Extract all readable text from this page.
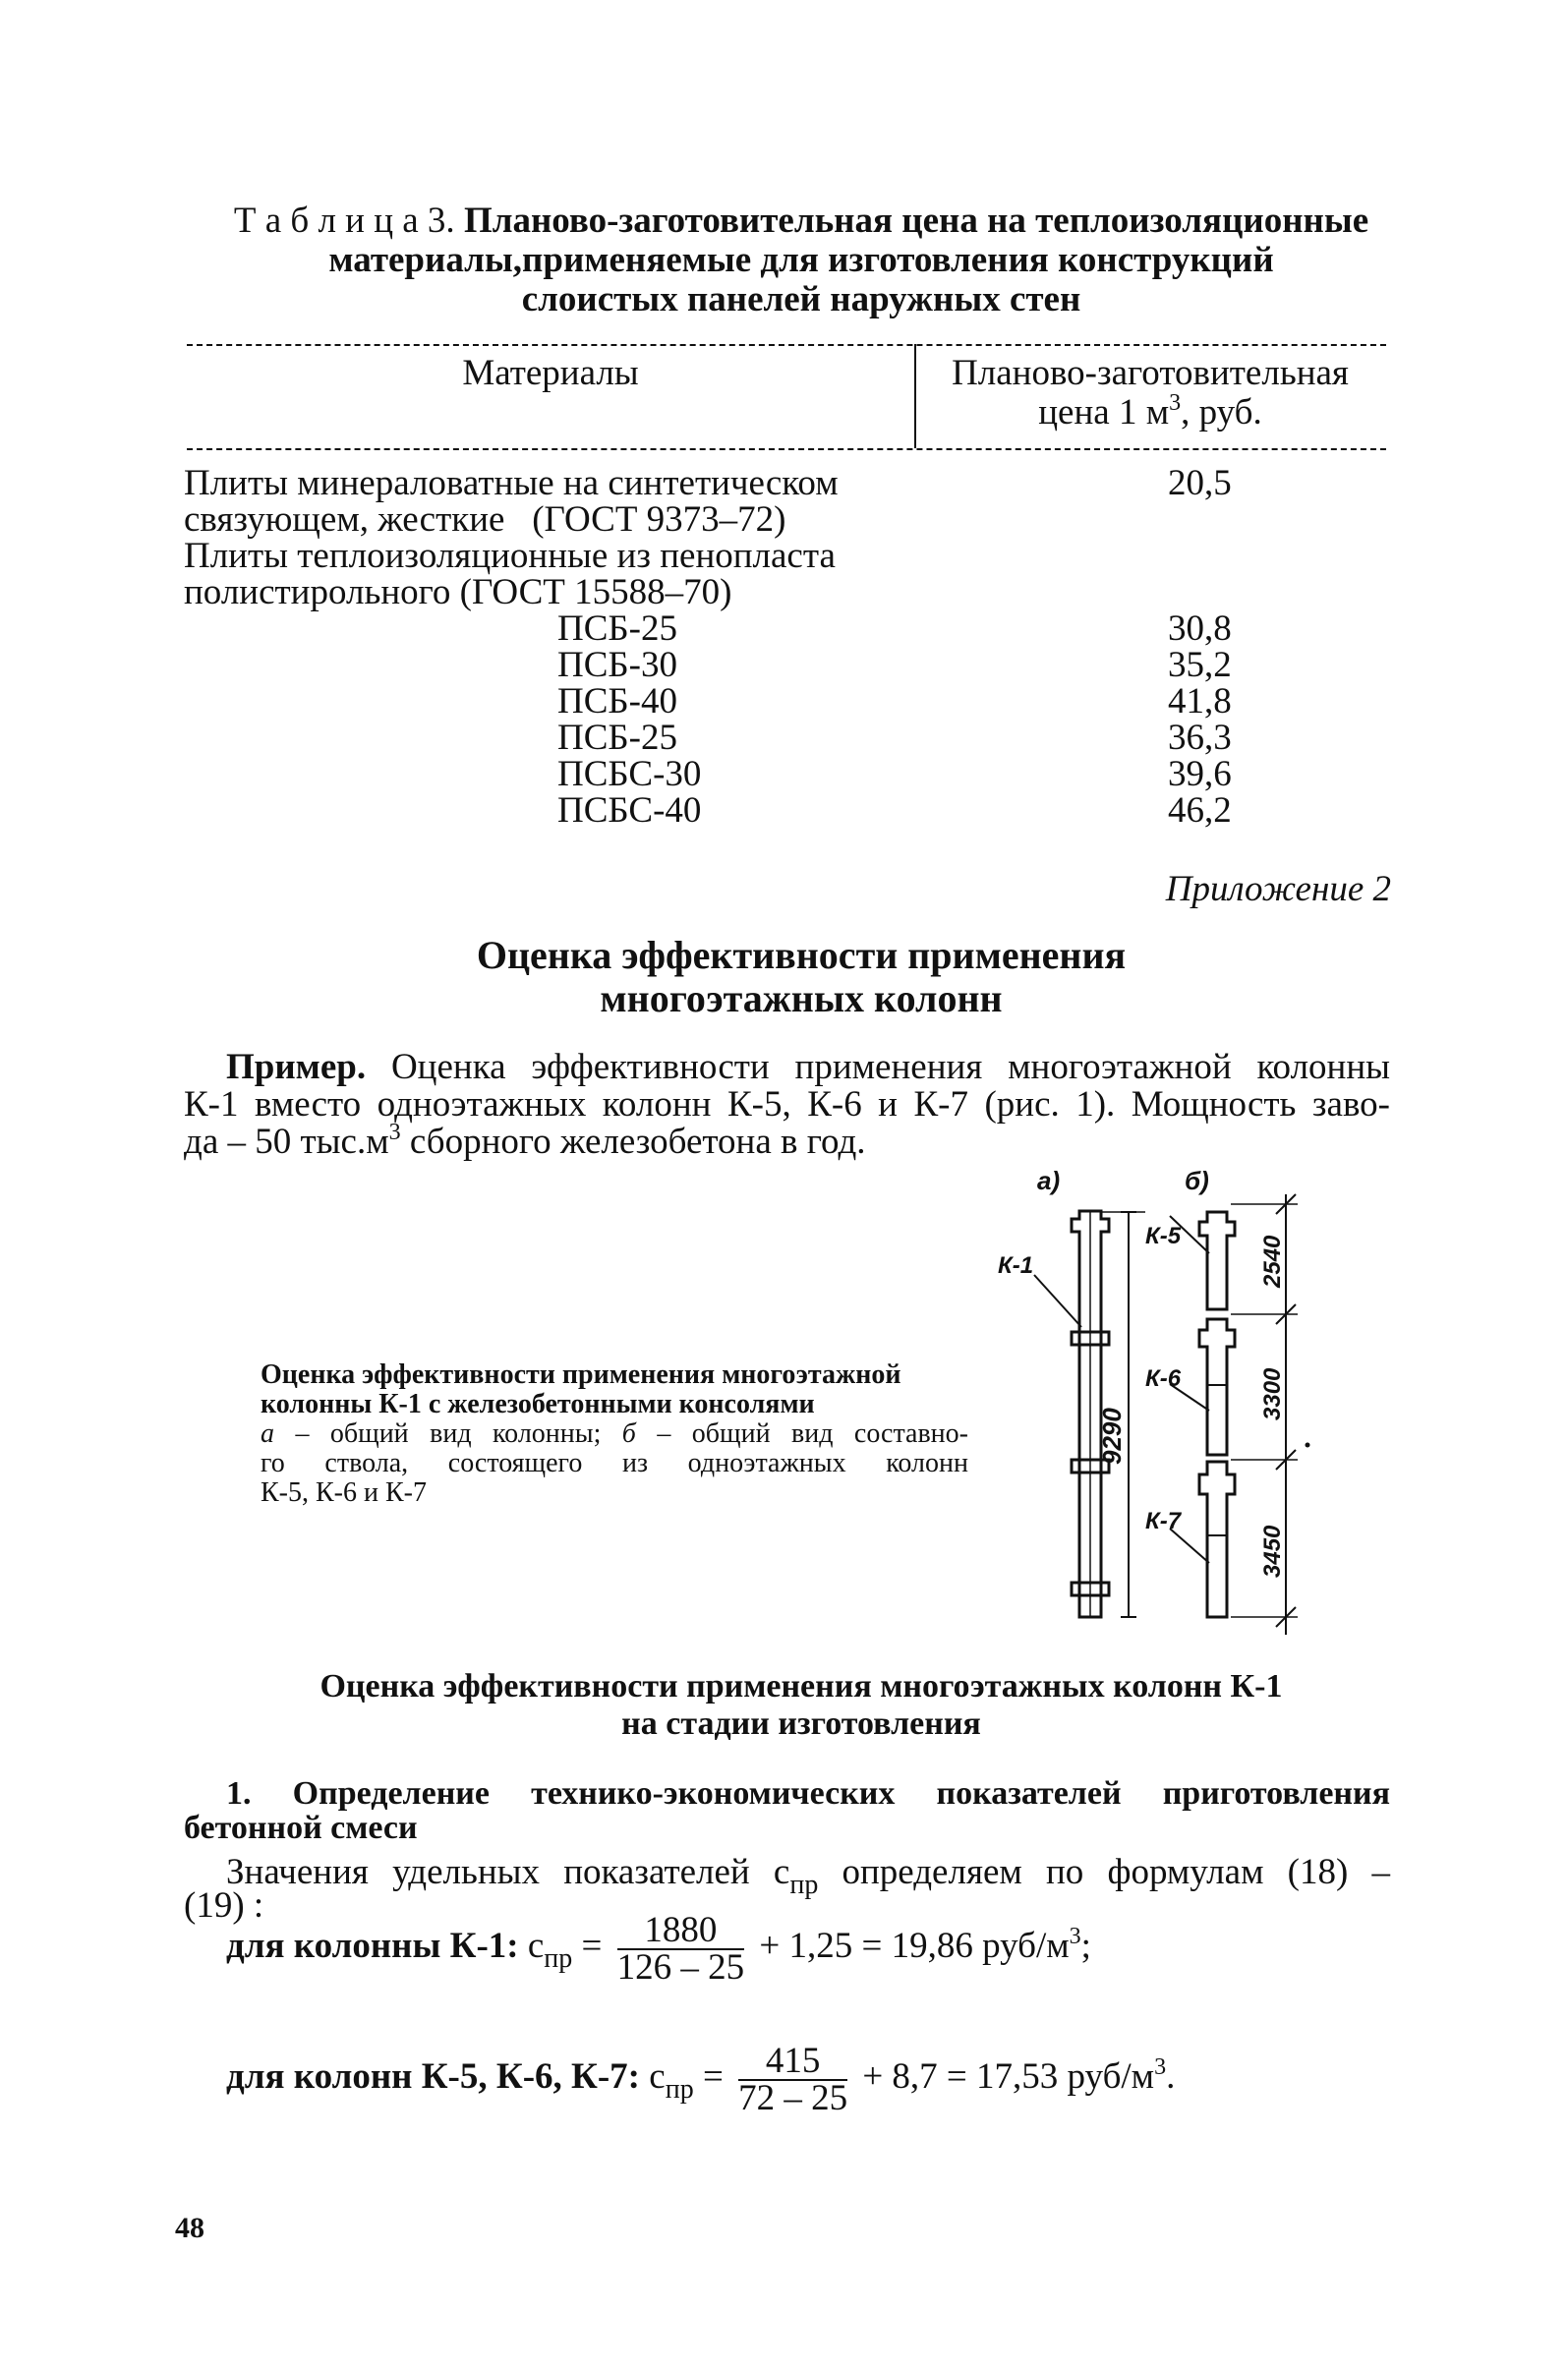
Т а б л и ц а 3. Планово-заготовительная цена на теплоизоляционные
материалы,применяемые для изготовления конструкций
слоистых панелей наружных стен
Материалы	Планово-заготовительная
цена 1 $м^3$, руб.
Плиты минераловатные на синтетическом	20,5
связующем, жесткие   (ГОСТ 9373–72)
Плиты теплоизоляционные из пенопласта
полистирольного (ГОСТ 15588–70)
ПСБ-25	30,8
ПСБ-30	35,2
ПСБ-40	41,8
ПСБ-25	36,3
ПСБС-30	39,6
ПСБС-40	46,2
Приложение 2
Оценка эффективности применения
многоэтажных колонн
Пример. Оценка эффективности применения многоэтажной колонны
К-1 вместо одноэтажных колонн К-5, К-6 и К-7 (рис. 1). Мощность заво-
да – 50 $тыс.м^3$ сборного железобетона в год.
Оценка эффективности применения многоэтажной
колонны К-1 с железобетонными консолями
а – общий вид колонны; б – общий вид составно-
го ствола, состоящего из одноэтажных колонн
К-5, К-6 и К-7
а)	б)
К-1
К-5
К-6
К-7
9290
2540
3300
3450
Оценка эффективности применения многоэтажных колонн К-1
на стадии изготовления
1. Определение технико-экономических показателей приготовления
бетонной смеси
Значения удельных показателей $c_{пр}$ определяем по формулам (18) –
(19) :
для колонны К-1: $c_{пр} = \frac{1880}{126 - 25} + 1,25 = 19,86$ руб/$м^3$;
для колонн К-5, К-6, К-7: $c_{пр} = \frac{415}{72 - 25} + 8,7 = 17,53$ руб/$м^3$.
48
